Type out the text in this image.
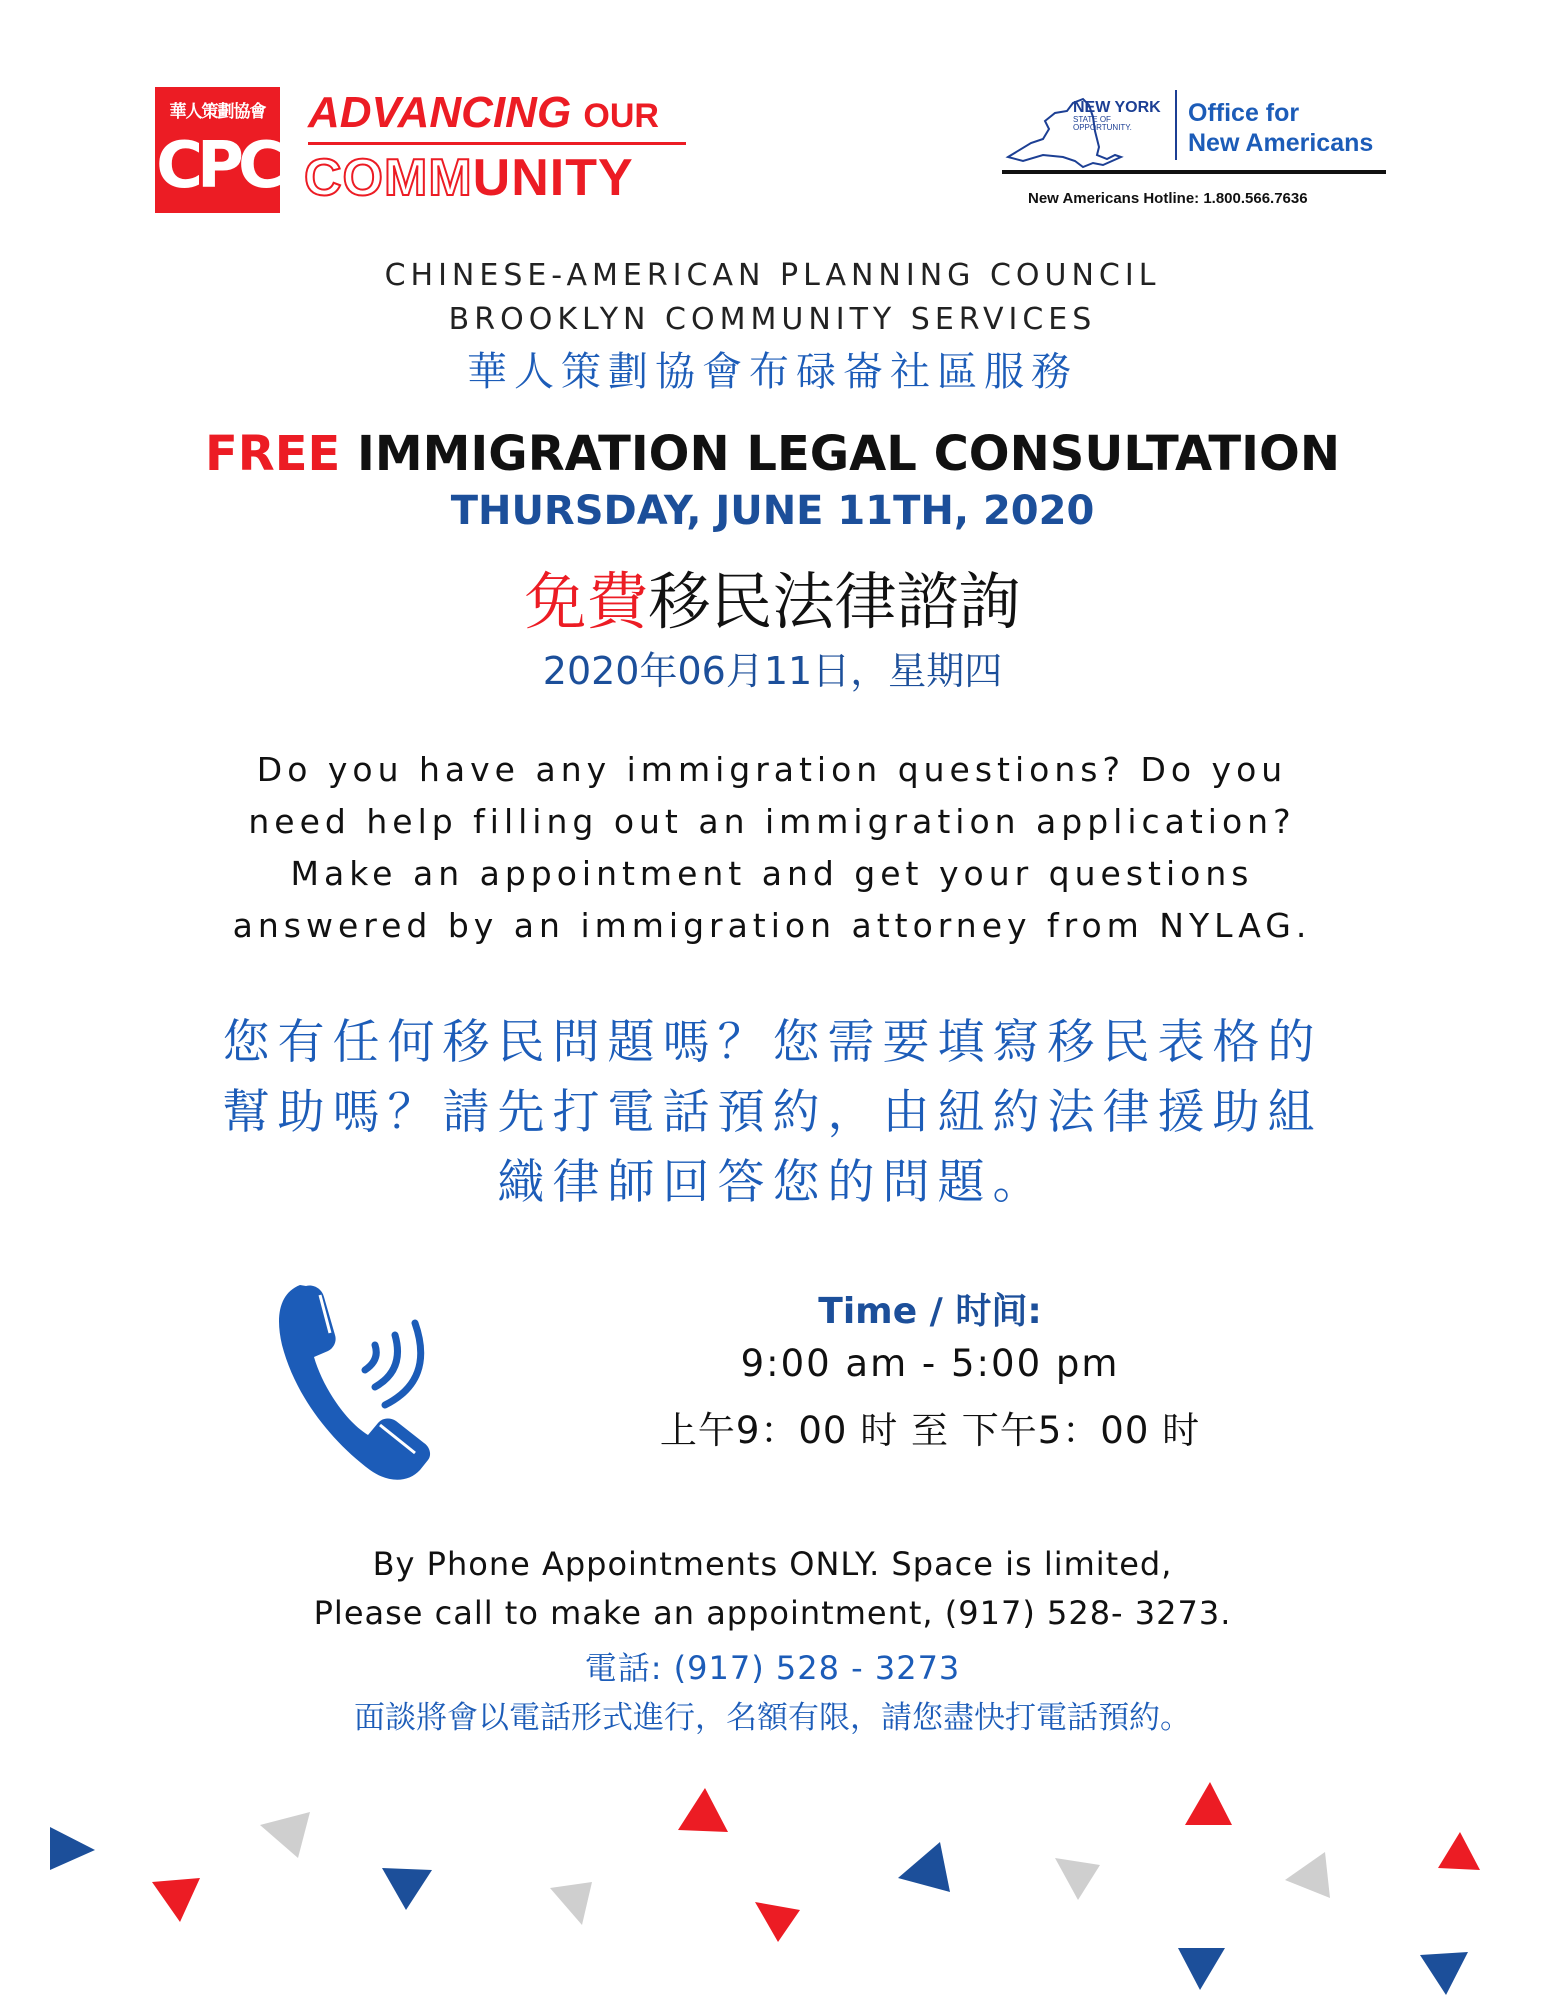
華人策劃協會
CPC
ADVANCING OUR
COMMUNITY
NEW YORK
STATE OF
OPPORTUNITY.
Office for
New Americans
New Americans Hotline: 1.800.566.7636
CHINESE-AMERICAN PLANNING COUNCIL
BROOKLYN COMMUNITY SERVICES
華人策劃協會布碌崙社區服務
FREE IMMIGRATION LEGAL CONSULTATION
THURSDAY, JUNE 11TH, 2020
免費移民法律諮詢
2020年06月11日，星期四
Do you have any immigration questions? Do you need help filling out an immigration application? Make an appointment and get your questions answered by an immigration attorney from NYLAG.
您有任何移民問題嗎？您需要填寫移民表格的幫助嗎？請先打電話預約，由紐約法律援助組織律師回答您的問題。
Time / 时间:
9:00 am - 5:00 pm
上午9：00 时 至 下午5：00 时
By Phone Appointments ONLY. Space is limited,
Please call to make an appointment, (917) 528- 3273.
電話: (917) 528 - 3273
面談將會以電話形式進行，名額有限，請您盡快打電話預約。
